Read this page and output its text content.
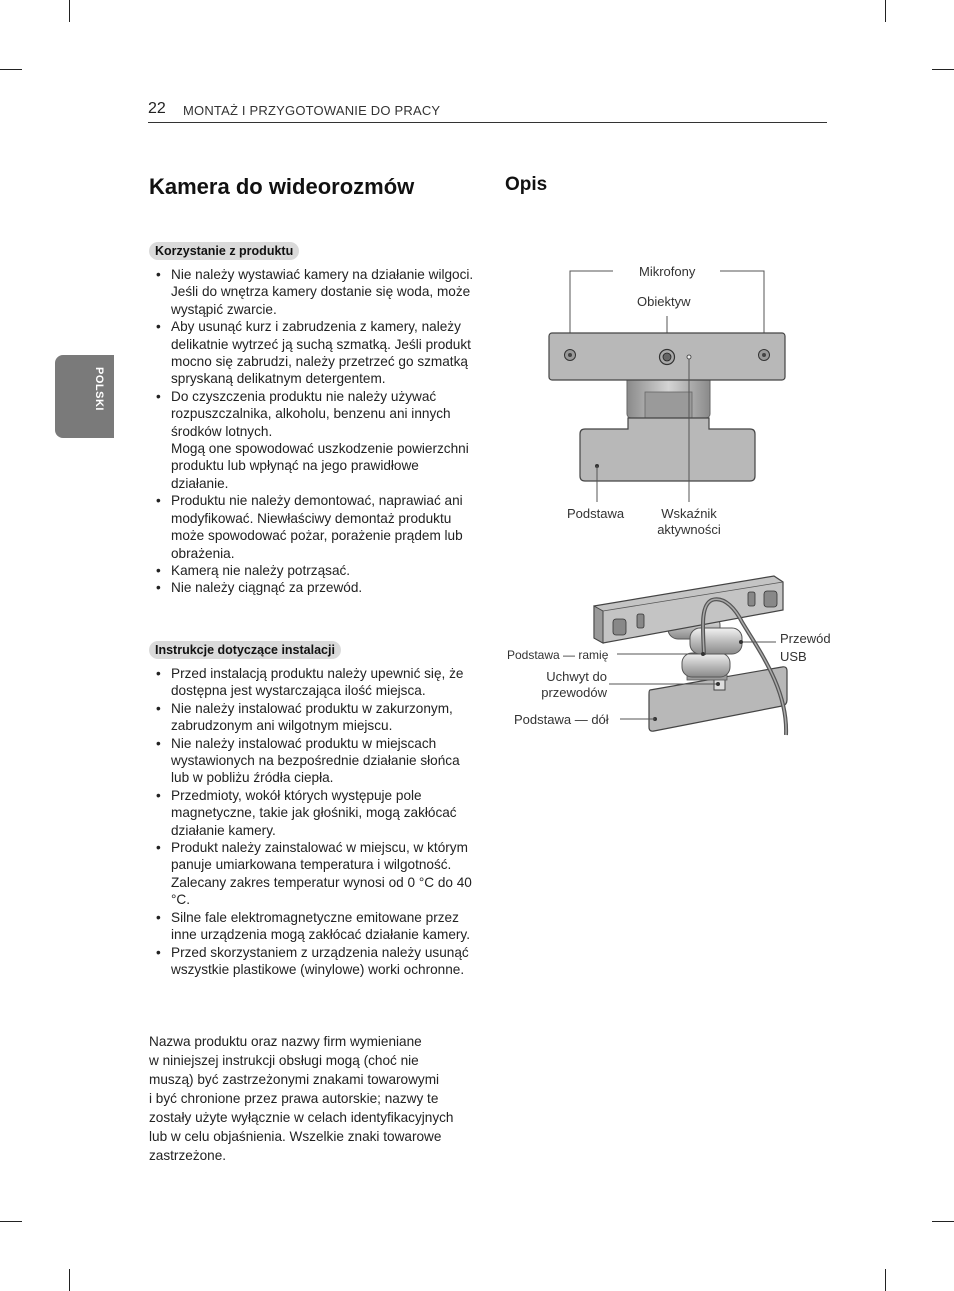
22 MONTAŻ I PRZYGOTOWANIE DO PRACY
POLSKI
Kamera do wideorozmów	Opis
Korzystanie z produktu
• Nie należy wystawiać kamery na działanie wilgoci. Jeśli do wnętrza kamery dostanie się woda, może wystąpić zwarcie.
• Aby usunąć kurz i zabrudzenia z kamery, należy delikatnie wytrzeć ją suchą szmatką. Jeśli produkt mocno się zabrudzi, należy przetrzeć go szmatką spryskaną delikatnym detergentem.
• Do czyszczenia produktu nie należy używać rozpuszczalnika, alkoholu, benzenu ani innych środków lotnych.
Mogą one spowodować uszkodzenie powierzchni produktu lub wpłynąć na jego prawidłowe działanie.
• Produktu nie należy demontować, naprawiać ani modyfikować. Niewłaściwy demontaż produktu może spowodować pożar, porażenie prądem lub obrażenia.
• Kamerą nie należy potrząsać.
• Nie należy ciągnąć za przewód.
Instrukcje dotyczące instalacji
• Przed instalacją produktu należy upewnić się, że dostępna jest wystarczająca ilość miejsca.
• Nie należy instalować produktu w zakurzonym, zabrudzonym ani wilgotnym miejscu.
• Nie należy instalować produktu w miejscach wystawionych na bezpośrednie działanie słońca lub w pobliżu źródła ciepła.
• Przedmioty, wokół których występuje pole magnetyczne, takie jak głośniki, mogą zakłócać działanie kamery.
• Produkt należy zainstalować w miejscu, w którym panuje umiarkowana temperatura i wilgotność. Zalecany zakres temperatur wynosi od 0 °C do 40 °C.
• Silne fale elektromagnetyczne emitowane przez inne urządzenia mogą zakłócać działanie kamery.
• Przed skorzystaniem z urządzenia należy usunąć wszystkie plastikowe (winylowe) worki ochronne.
Nazwa produktu oraz nazwy firm wymieniane
w niniejszej instrukcji obsługi mogą (choć nie
muszą) być zastrzeżonymi znakami towarowymi
i być chronione przez prawa autorskie; nazwy te
zostały użyte wyłącznie w celach identyfikacyjnych
lub w celu objaśnienia. Wszelkie znaki towarowe
zastrzeżone.
Mikrofony
Obiektyw
Podstawa	Wskaźnik
aktywności
Podstawa — ramię
Uchwyt do
przewodów
Podstawa — dół
Przewód
USB
